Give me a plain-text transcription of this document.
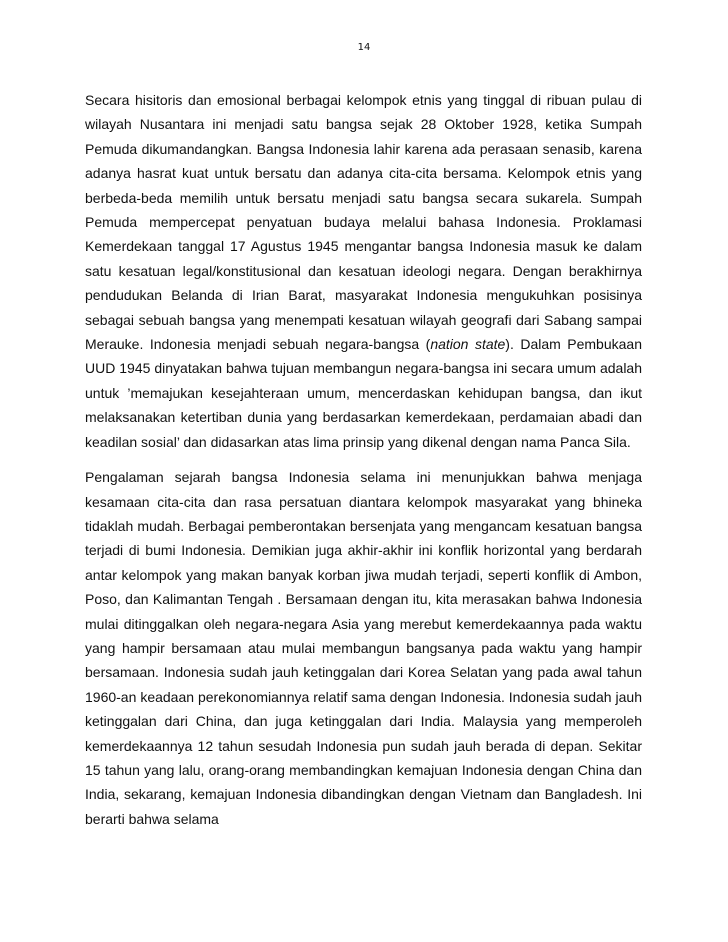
14

Secara hisitoris dan emosional berbagai kelompok etnis yang tinggal di ribuan pulau di wilayah Nusantara ini menjadi satu bangsa sejak 28 Oktober 1928, ketika Sumpah Pemuda dikumandangkan. Bangsa Indonesia lahir karena ada perasaan senasib, karena adanya hasrat kuat untuk bersatu dan adanya cita-cita bersama. Kelompok etnis yang berbeda-beda memilih untuk bersatu menjadi satu bangsa secara sukarela. Sumpah Pemuda mempercepat penyatuan budaya melalui bahasa Indonesia. Proklamasi Kemerdekaan tanggal 17 Agustus 1945 mengantar bangsa Indonesia masuk ke dalam satu kesatuan legal/konstitusional dan kesatuan ideologi negara. Dengan berakhirnya pendudukan Belanda di Irian Barat, masyarakat Indonesia mengukuhkan posisinya sebagai sebuah bangsa yang menempati kesatuan wilayah geografi dari Sabang sampai Merauke. Indonesia menjadi sebuah negara-bangsa (nation state). Dalam Pembukaan UUD 1945 dinyatakan bahwa tujuan membangun negara-bangsa ini secara umum adalah untuk ’memajukan kesejahteraan umum, mencerdaskan kehidupan bangsa, dan ikut melaksanakan ketertiban dunia yang berdasarkan kemerdekaan, perdamaian abadi dan keadilan sosial’ dan didasarkan atas lima prinsip yang dikenal dengan nama Panca Sila.

Pengalaman sejarah bangsa Indonesia selama ini menunjukkan bahwa menjaga kesamaan cita-cita dan rasa persatuan diantara kelompok masyarakat yang bhineka tidaklah mudah. Berbagai pemberontakan bersenjata yang mengancam kesatuan bangsa terjadi di bumi Indonesia. Demikian juga akhir-akhir ini konflik horizontal yang berdarah antar kelompok yang makan banyak korban jiwa mudah terjadi, seperti konflik di Ambon, Poso, dan Kalimantan Tengah . Bersamaan dengan itu, kita merasakan bahwa Indonesia mulai ditinggalkan oleh negara-negara Asia yang merebut kemerdekaannya pada waktu yang hampir bersamaan atau mulai membangun bangsanya pada waktu yang hampir bersamaan. Indonesia sudah jauh ketinggalan dari Korea Selatan yang pada awal tahun 1960-an keadaan perekonomiannya relatif sama dengan Indonesia. Indonesia sudah jauh ketinggalan dari China, dan juga ketinggalan dari India. Malaysia yang memperoleh kemerdekaannya 12 tahun sesudah Indonesia pun sudah jauh berada di depan. Sekitar 15 tahun yang lalu, orang-orang membandingkan kemajuan Indonesia dengan China dan India, sekarang, kemajuan Indonesia dibandingkan dengan Vietnam dan Bangladesh. Ini berarti bahwa selama
